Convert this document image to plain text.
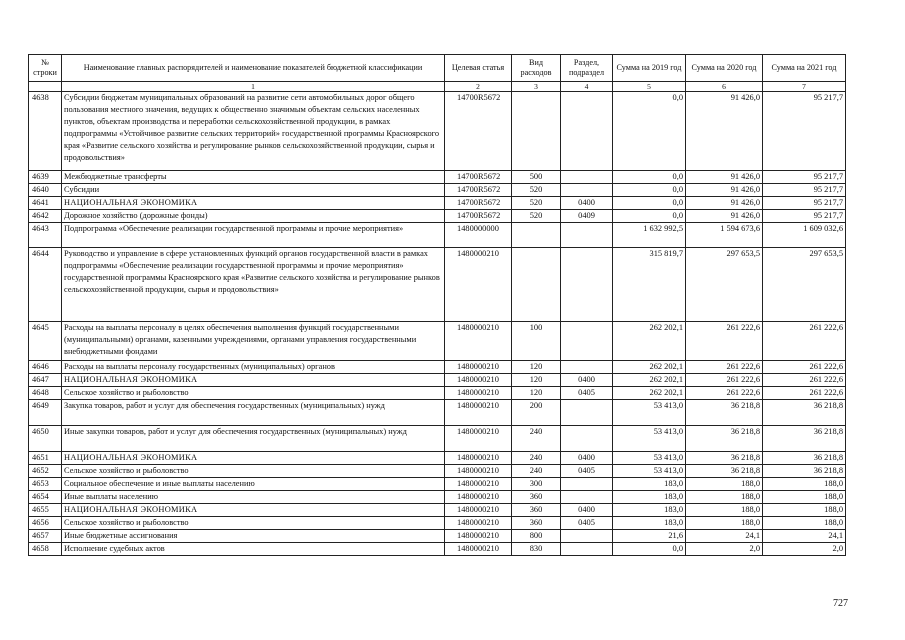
№
строки	Наименование главных распорядителей и наименование показателей бюджетной классификации	Целевая статья	Вид расходов	Раздел, подраздел	Сумма на 2019 год	Сумма на 2020 год	Сумма на 2021 год
	1	2	3	4	5	6	7
4638	Субсидии бюджетам муниципальных образований на развитие сети автомобильных дорог общего пользования местного значения, ведущих к общественно значимым объектам сельских населенных пунктов, объектам производства и переработки сельскохозяйственной продукции, в рамках подпрограммы «Устойчивое развитие сельских территорий» государственной программы Красноярского края «Развитие сельского хозяйства и регулирование рынков сельскохозяйственной продукции, сырья и продовольствия»	14700R5672			0,0	91 426,0	95 217,7
4639	Межбюджетные трансферты	14700R5672	500		0,0	91 426,0	95 217,7
4640	Субсидии	14700R5672	520		0,0	91 426,0	95 217,7
4641	НАЦИОНАЛЬНАЯ ЭКОНОМИКА	14700R5672	520	0400	0,0	91 426,0	95 217,7
4642	Дорожное хозяйство (дорожные фонды)	14700R5672	520	0409	0,0	91 426,0	95 217,7
4643	Подпрограмма «Обеспечение реализации государственной программы и прочие мероприятия»	1480000000			1 632 992,5	1 594 673,6	1 609 032,6
4644	Руководство и управление в сфере установленных функций органов государственной власти в рамках подпрограммы «Обеспечение реализации государственной программы и прочие мероприятия» государственной программы Красноярского края «Развитие сельского хозяйства и регулирование рынков сельскохозяйственной продукции, сырья и продовольствия»	1480000210			315 819,7	297 653,5	297 653,5
4645	Расходы на выплаты персоналу в целях обеспечения выполнения функций государственными (муниципальными) органами, казенными учреждениями, органами управления государственными внебюджетными фондами	1480000210	100		262 202,1	261 222,6	261 222,6
4646	Расходы на выплаты персоналу государственных (муниципальных) органов	1480000210	120		262 202,1	261 222,6	261 222,6
4647	НАЦИОНАЛЬНАЯ ЭКОНОМИКА	1480000210	120	0400	262 202,1	261 222,6	261 222,6
4648	Сельское хозяйство и рыболовство	1480000210	120	0405	262 202,1	261 222,6	261 222,6
4649	Закупка товаров, работ и услуг для обеспечения государственных (муниципальных) нужд	1480000210	200		53 413,0	36 218,8	36 218,8
4650	Иные закупки товаров, работ и услуг для обеспечения государственных (муниципальных) нужд	1480000210	240		53 413,0	36 218,8	36 218,8
4651	НАЦИОНАЛЬНАЯ ЭКОНОМИКА	1480000210	240	0400	53 413,0	36 218,8	36 218,8
4652	Сельское хозяйство и рыболовство	1480000210	240	0405	53 413,0	36 218,8	36 218,8
4653	Социальное обеспечение и иные выплаты населению	1480000210	300		183,0	188,0	188,0
4654	Иные выплаты населению	1480000210	360		183,0	188,0	188,0
4655	НАЦИОНАЛЬНАЯ ЭКОНОМИКА	1480000210	360	0400	183,0	188,0	188,0
4656	Сельское хозяйство и рыболовство	1480000210	360	0405	183,0	188,0	188,0
4657	Иные бюджетные ассигнования	1480000210	800		21,6	24,1	24,1
4658	Исполнение судебных актов	1480000210	830		0,0	2,0	2,0
727
